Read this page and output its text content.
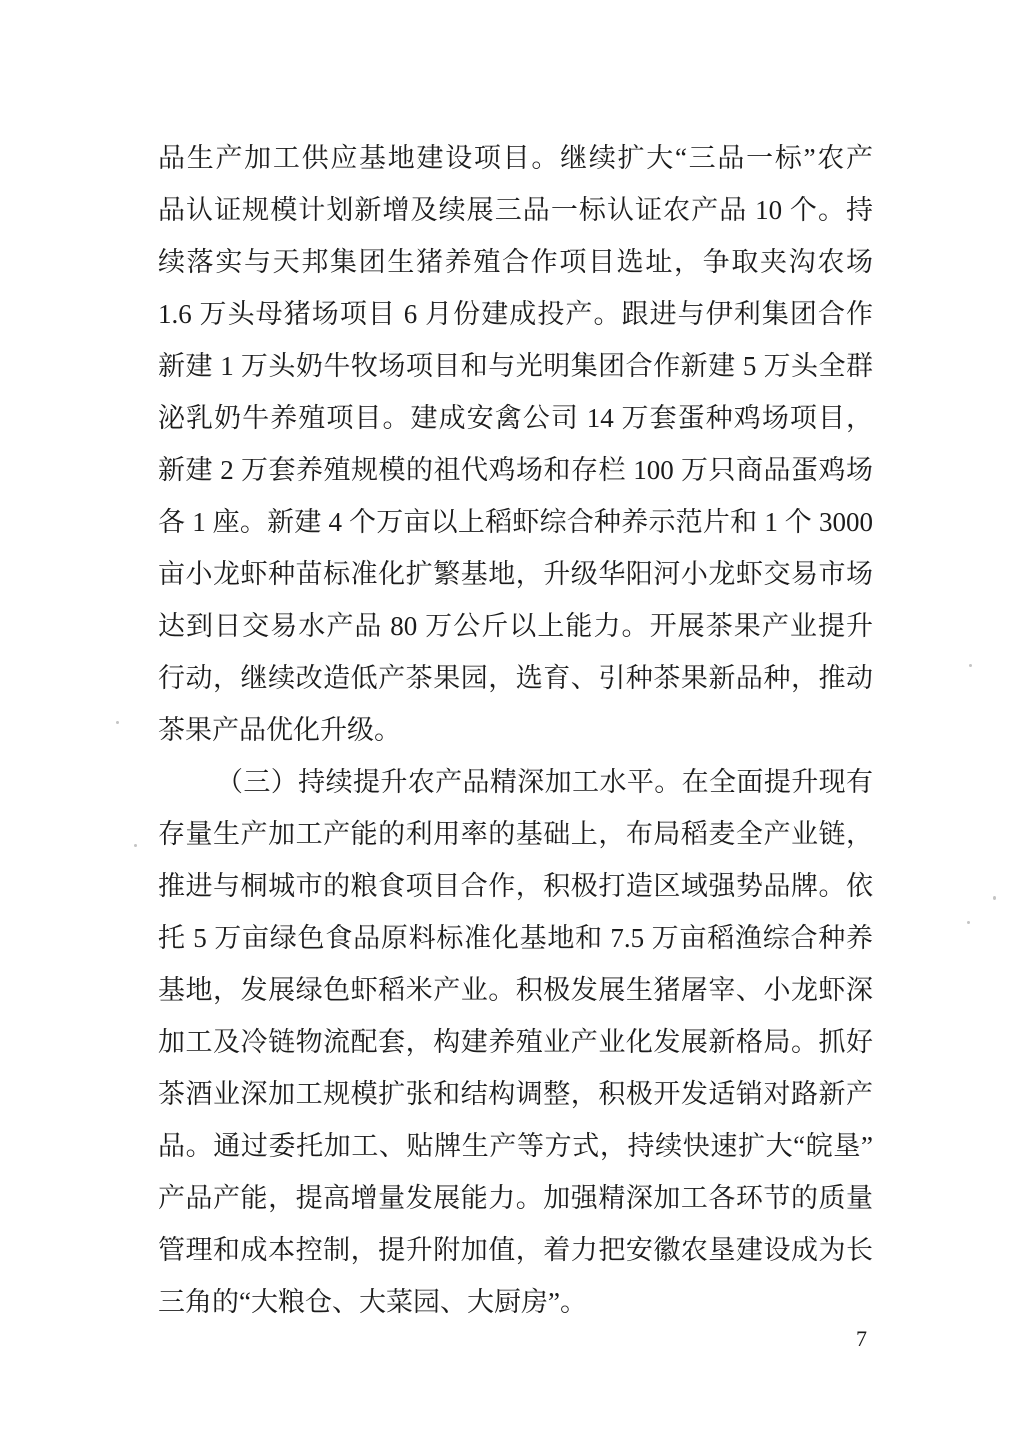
品生产加工供应基地建设项目。继续扩大“三品一标”农产
品认证规模计划新增及续展三品一标认证农产品 10 个。持
续落实与天邦集团生猪养殖合作项目选址，争取夹沟农场
1.6 万头母猪场项目 6 月份建成投产。跟进与伊利集团合作
新建 1 万头奶牛牧场项目和与光明集团合作新建 5 万头全群
泌乳奶牛养殖项目。建成安禽公司 14 万套蛋种鸡场项目，
新建 2 万套养殖规模的祖代鸡场和存栏 100 万只商品蛋鸡场
各 1 座。新建 4 个万亩以上稻虾综合种养示范片和 1 个 3000
亩小龙虾种苗标准化扩繁基地，升级华阳河小龙虾交易市场
达到日交易水产品 80 万公斤以上能力。开展茶果产业提升
行动，继续改造低产茶果园，选育、引种茶果新品种，推动
茶果产品优化升级。
（三）持续提升农产品精深加工水平。在全面提升现有
存量生产加工产能的利用率的基础上，布局稻麦全产业链，
推进与桐城市的粮食项目合作，积极打造区域强势品牌。依
托 5 万亩绿色食品原料标准化基地和 7.5 万亩稻渔综合种养
基地，发展绿色虾稻米产业。积极发展生猪屠宰、小龙虾深
加工及冷链物流配套，构建养殖业产业化发展新格局。抓好
茶酒业深加工规模扩张和结构调整，积极开发适销对路新产
品。通过委托加工、贴牌生产等方式，持续快速扩大“皖垦”
产品产能，提高增量发展能力。加强精深加工各环节的质量
管理和成本控制，提升附加值，着力把安徽农垦建设成为长
三角的“大粮仓、大菜园、大厨房”。
7
